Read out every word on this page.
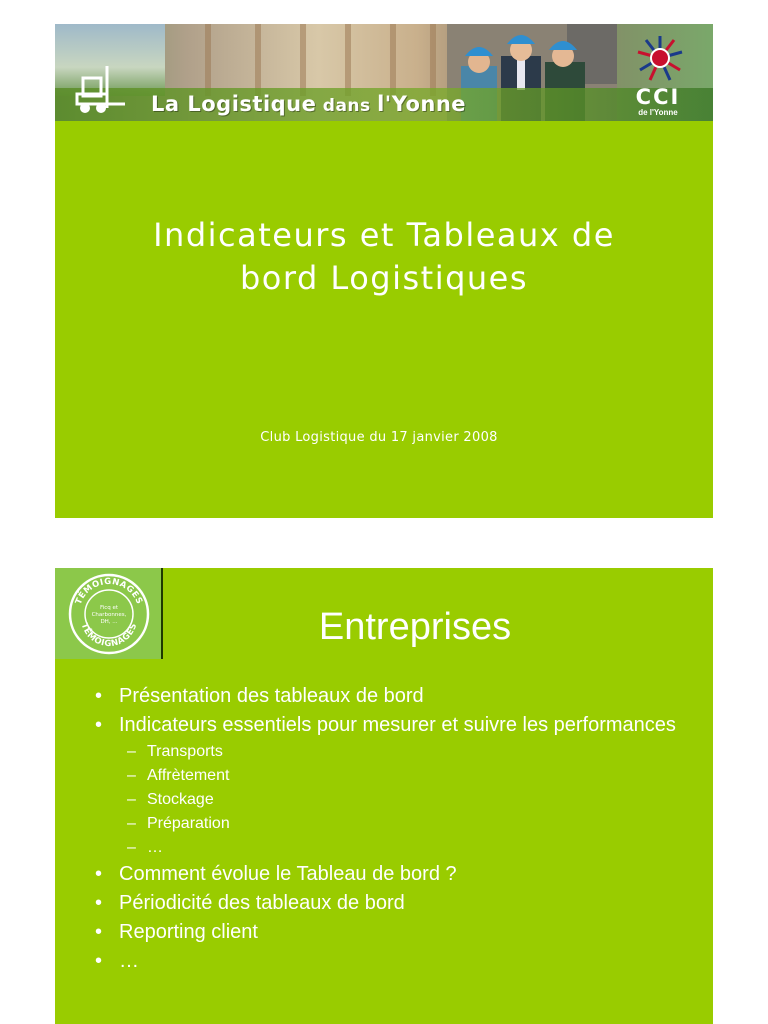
La Logistique dans l'Yonne	CCI
de l'Yonne
Indicateurs et Tableaux de
bord Logistiques
Club Logistique du 17 janvier 2008
TÉMOIGNAGES
TÉMOIGNAGES
Ficq et
Charbonnes,
DH, ...	Entreprises
• Présentation des tableaux de bord
• Indicateurs essentiels pour mesurer et suivre les performances
– Transports
– Affrètement
– Stockage
– Préparation
– …
• Comment évolue le Tableau de bord ?
• Périodicité des tableaux de bord
• Reporting client
• …
